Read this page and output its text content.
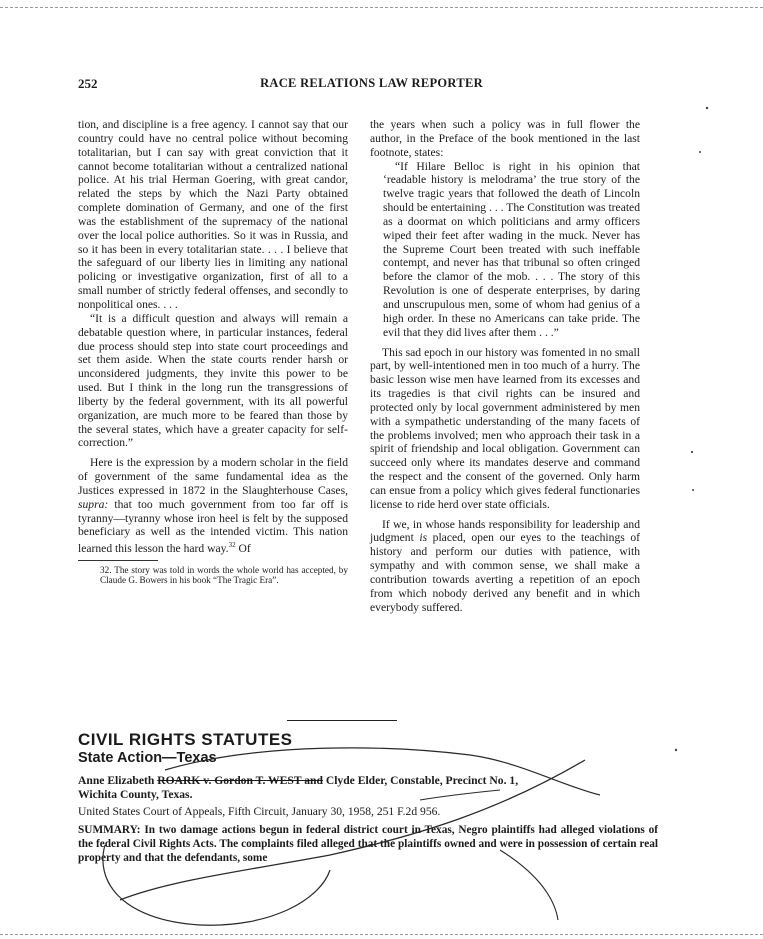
252	RACE RELATIONS LAW REPORTER

tion, and discipline is a free agency. I cannot say that our country could have no central police without becoming totalitarian, but I can say with great conviction that it cannot become totalitarian without a centralized national police. At his trial Herman Goering, with great candor, related the steps by which the Nazi Party obtained complete domination of Germany, and one of the first was the establishment of the supremacy of the national over the local police authorities. So it was in Russia, and so it has been in every totalitarian state. . . . I believe that the safeguard of our liberty lies in limiting any national policing or investigative organization, first of all to a small number of strictly federal offenses, and secondly to nonpolitical ones. . . .

“It is a difficult question and always will remain a debatable question where, in particular instances, federal due process should step into state court proceedings and set them aside. When the state courts render harsh or unconsidered judgments, they invite this power to be used. But I think in the long run the transgressions of liberty by the federal government, with its all powerful organization, are much more to be feared than those by the several states, which have a greater capacity for self-correction.”

Here is the expression by a modern scholar in the field of government of the same fundamental idea as the Justices expressed in 1872 in the Slaughterhouse Cases, supra: that too much government from too far off is tyranny—tyranny whose iron heel is felt by the supposed beneficiary as well as the intended victim. This nation learned this lesson the hard way.$^{32}$ Of

32. The story was told in words the whole world has accepted, by Claude G. Bowers in his book “The Tragic Era”.

the years when such a policy was in full flower the author, in the Preface of the book mentioned in the last footnote, states:

“If Hilare Belloc is right in his opinion that ‘readable history is melodrama’ the true story of the twelve tragic years that followed the death of Lincoln should be entertaining . . . The Constitution was treated as a doormat on which politicians and army officers wiped their feet after wading in the muck. Never has the Supreme Court been treated with such ineffable contempt, and never has that tribunal so often cringed before the clamor of the mob. . . . The story of this Revolution is one of desperate enterprises, by daring and unscrupulous men, some of whom had genius of a high order. In these no Americans can take pride. The evil that they did lives after them . . .”

This sad epoch in our history was fomented in no small part, by well-intentioned men in too much of a hurry. The basic lesson wise men have learned from its excesses and its tragedies is that civil rights can be insured and protected only by local government administered by men with a sympathetic understanding of the many facets of the problems involved; men who approach their task in a spirit of friendship and local obligation. Government can succeed only where its mandates deserve and command the respect and the consent of the governed. Only harm can ensue from a policy which gives federal functionaries license to ride herd over state officials.

If we, in whose hands responsibility for leadership and judgment is placed, open our eyes to the teachings of history and perform our duties with patience, with sympathy and with common sense, we shall make a contribution towards averting a repetition of an epoch from which nobody derived any benefit and in which everybody suffered.

CIVIL RIGHTS STATUTES
State Action—Texas
Anne Elizabeth ROARK v. Gordon T. WEST and Clyde Elder, Constable, Precinct No. 1,
Wichita County, Texas.
United States Court of Appeals, Fifth Circuit, January 30, 1958, 251 F.2d 956.
SUMMARY: In two damage actions begun in federal district court in Texas, Negro plaintiffs had alleged violations of the federal Civil Rights Acts. The complaints filed alleged that the plaintiffs owned and were in possession of certain real property and that the defendants, some
